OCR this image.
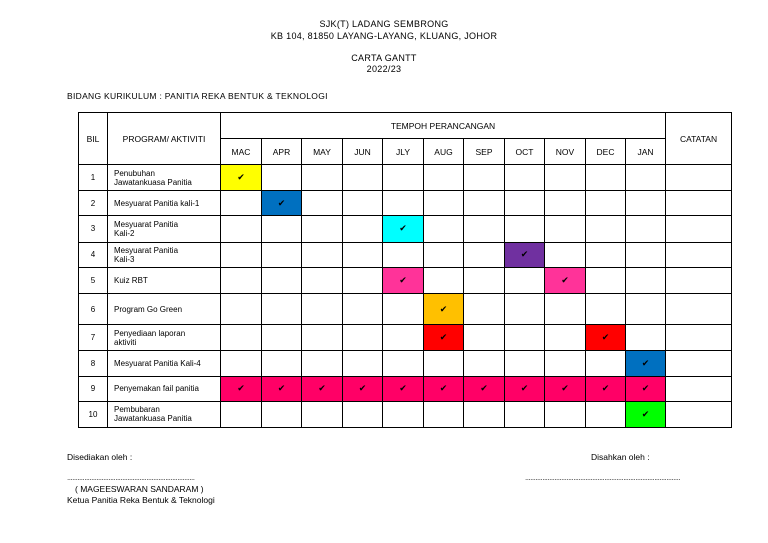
SJK(T) LADANG SEMBRONG
KB 104, 81850 LAYANG-LAYANG, KLUANG, JOHOR
CARTA GANTT
2022/23
BIDANG KURIKULUM : PANITIA REKA BENTUK & TEKNOLOGI
BIL	PROGRAM/ AKTIVITI	TEMPOH PERANCANGAN											CATATAN
		MAC	APR	MAY	JUN	JLY	AUG	SEP	OCT	NOV	DEC	JAN	
1	Penubuhan
Jawatankuasa Panitia	✔											
2	Mesyuarat Panitia kali-1		✔										
3	Mesyuarat Panitia
Kali-2					✔							
4	Mesyuarat Panitia
Kali-3								✔				
5	Kuiz RBT					✔				✔			
6	Program Go Green						✔						
7	Penyediaan laporan
aktiviti						✔				✔		
8	Mesyuarat Panitia Kali-4											✔	
9	Penyemakan fail panitia	✔	✔	✔	✔	✔	✔	✔	✔	✔	✔	✔	
10	Pembubaran
Jawatankuasa Panitia											✔	
Disediakan oleh :	Disahkan oleh :
..........................................................................	..........................................................................................
( MAGEESWARAN SANDARAM )
Ketua Panitia Reka Bentuk & Teknologi
